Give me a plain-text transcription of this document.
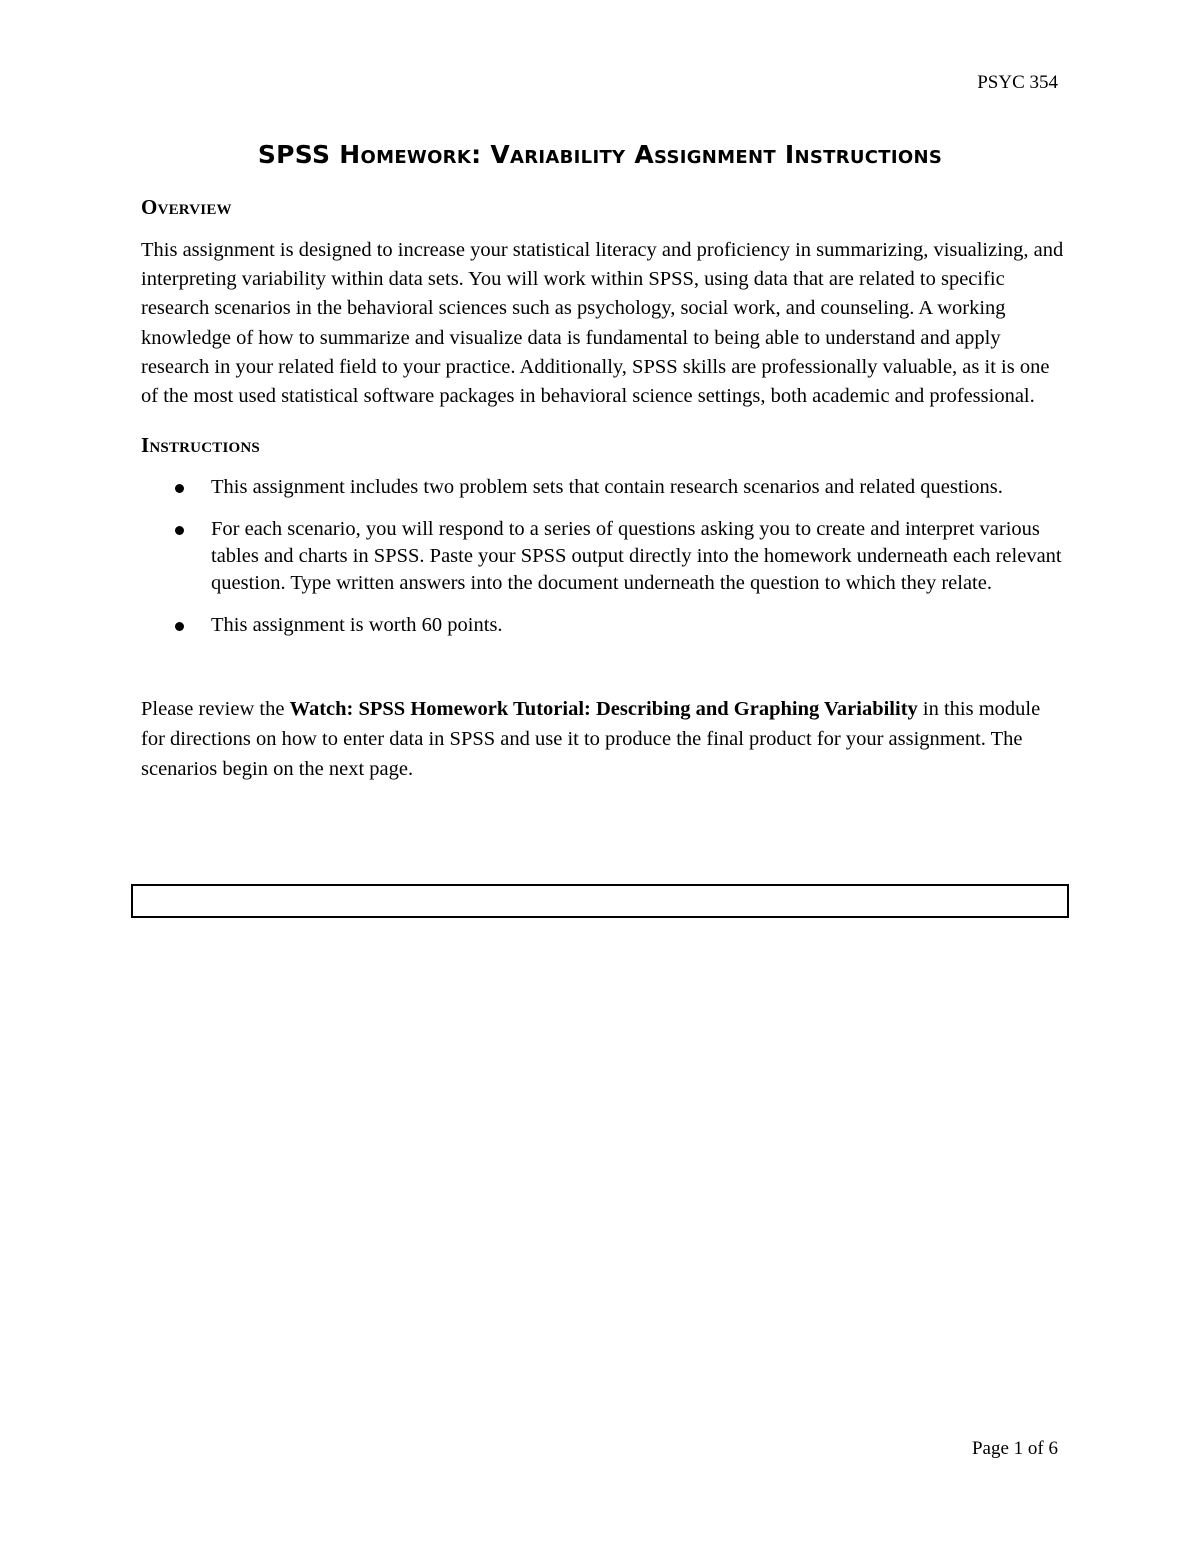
PSYC 354
SPSS Homework: Variability Assignment Instructions
Overview

This assignment is designed to increase your statistical literacy and proficiency in summarizing, visualizing, and interpreting variability within data sets. You will work within SPSS, using data that are related to specific research scenarios in the behavioral sciences such as psychology, social work, and counseling. A working knowledge of how to summarize and visualize data is fundamental to being able to understand and apply research in your related field to your practice. Additionally, SPSS skills are professionally valuable, as it is one of the most used statistical software packages in behavioral science settings, both academic and professional.

Instructions
This assignment includes two problem sets that contain research scenarios and related questions.
For each scenario, you will respond to a series of questions asking you to create and interpret various tables and charts in SPSS. Paste your SPSS output directly into the homework underneath each relevant question. Type written answers into the document underneath the question to which they relate.
This assignment is worth 60 points.

Please review the Watch: SPSS Homework Tutorial: Describing and Graphing Variability in this module for directions on how to enter data in SPSS and use it to produce the final product for your assignment. The scenarios begin on the next page.

Page 1 of 6
